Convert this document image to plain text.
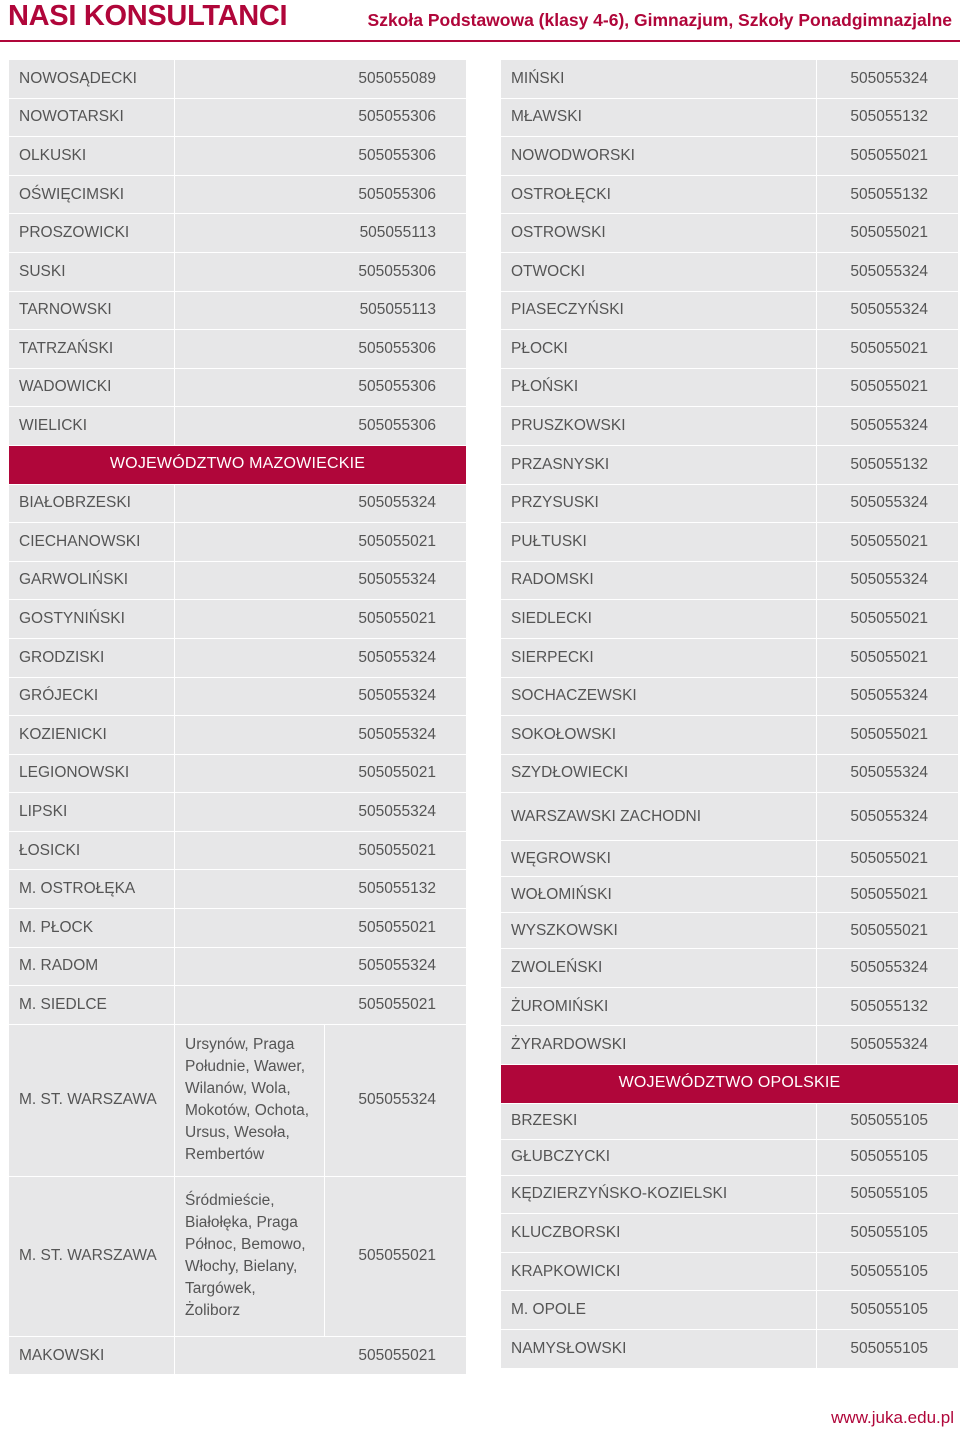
NASI KONSULTANCI	Szkoła Podstawowa (klasy 4-6), Gimnazjum, Szkoły Ponadgimnazjalne
NOWOSĄDECKI	505055089	
NOWOTARSKI	505055306	
OLKUSKI	505055306	
OŚWIĘCIMSKI	505055306	
PROSZOWICKI	505055113	
SUSKI	505055306	
TARNOWSKI	505055113	
TATRZAŃSKI	505055306	
WADOWICKI	505055306	
WIELICKI	505055306	
WOJEWÓDZTWO MAZOWIECKIE		
BIAŁOBRZESKI	505055324	
CIECHANOWSKI	505055021	
GARWOLIŃSKI	505055324	
GOSTYNIŃSKI	505055021	
GRODZISKI	505055324	
GRÓJECKI	505055324	
KOZIENICKI	505055324	
LEGIONOWSKI	505055021	
LIPSKI	505055324	
ŁOSICKI	505055021	
M. OSTROŁĘKA	505055132	
M. PŁOCK	505055021	
M. RADOM	505055324	
M. SIEDLCE	505055021	
M. ST. WARSZAWA	Ursynów, Praga Południe, Wawer, Wilanów, Wola, Mokotów, Ochota, Ursus, Wesoła, Rembertów	505055324
M. ST. WARSZAWA	Śródmieście, Białołęka, Praga Północ, Bemowo, Włochy, Bielany, Targówek, Żoliborz	505055021
MAKOWSKI	505055021	
MIŃSKI	505055324
MŁAWSKI	505055132
NOWODWORSKI	505055021
OSTROŁĘCKI	505055132
OSTROWSKI	505055021
OTWOCKI	505055324
PIASECZYŃSKI	505055324
PŁOCKI	505055021
PŁOŃSKI	505055021
PRUSZKOWSKI	505055324
PRZASNYSKI	505055132
PRZYSUSKI	505055324
PUŁTUSKI	505055021
RADOMSKI	505055324
SIEDLECKI	505055021
SIERPECKI	505055021
SOCHACZEWSKI	505055324
SOKOŁOWSKI	505055021
SZYDŁOWIECKI	505055324
WARSZAWSKI ZACHODNI	505055324
WĘGROWSKI	505055021
WOŁOMIŃSKI	505055021
WYSZKOWSKI	505055021
ZWOLEŃSKI	505055324
ŻUROMIŃSKI	505055132
ŻYRARDOWSKI	505055324
WOJEWÓDZTWO OPOLSKIE	
BRZESKI	505055105
GŁUBCZYCKI	505055105
KĘDZIERZYŃSKO-KOZIELSKI	505055105
KLUCZBORSKI	505055105
KRAPKOWICKI	505055105
M. OPOLE	505055105
NAMYSŁOWSKI	505055105
www.juka.edu.pl
